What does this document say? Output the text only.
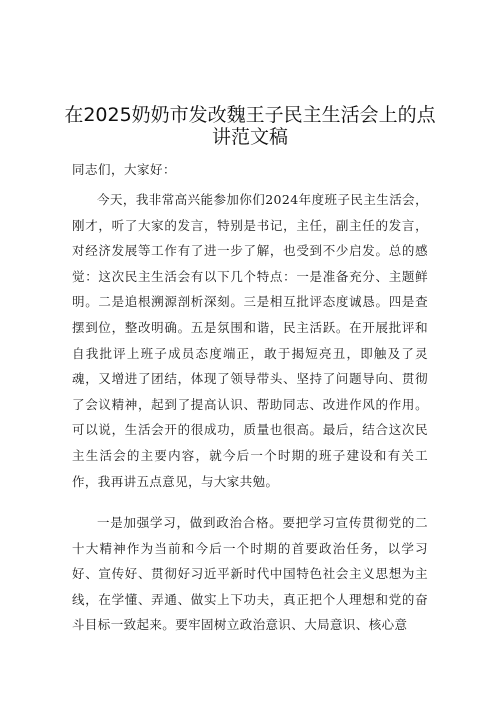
在2025奶奶市发改魏王子民主生活会上的点
讲范文稿
同志们，大家好：

今天，我非常高兴能参加你们2024年度班子民主生活会，刚才，听了大家的发言，特别是书记，主任，副主任的发言，对经济发展等工作有了进一步了解，也受到不少启发。总的感觉：这次民主生活会有以下几个特点：一是准备充分、主题鲜明。二是追根溯源剖析深刻。三是相互批评态度诚恳。四是查摆到位，整改明确。五是氛围和谐，民主活跃。在开展批评和自我批评上班子成员态度端正，敢于揭短亮丑，即触及了灵魂，又增进了团结，体现了领导带头、坚持了问题导向、贯彻了会议精神，起到了提高认识、帮助同志、改进作风的作用。可以说，生活会开的很成功，质量也很高。最后，结合这次民主生活会的主要内容，就今后一个时期的班子建设和有关工作，我再讲五点意见，与大家共勉。

一是加强学习，做到政治合格。要把学习宣传贯彻党的二十大精神作为当前和今后一个时期的首要政治任务，以学习好、宣传好、贯彻好习近平新时代中国特色社会主义思想为主线，在学懂、弄通、做实上下功夫，真正把个人理想和党的奋斗目标一致起来。要牢固树立政治意识、大局意识、核心意
